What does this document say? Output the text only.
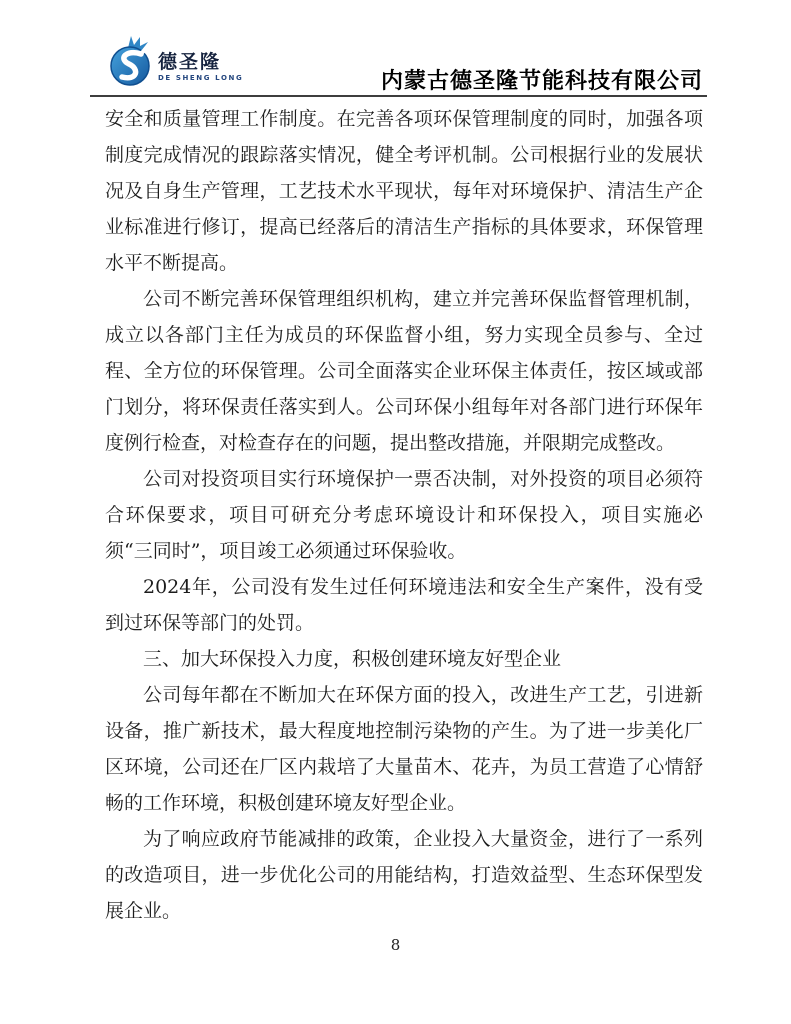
德圣隆
DE SHENG LONG	内蒙古德圣隆节能科技有限公司

安全和质量管理工作制度。在完善各项环保管理制度的同时，加强各项制度完成情况的跟踪落实情况，健全考评机制。公司根据行业的发展状况及自身生产管理，工艺技术水平现状，每年对环境保护、清洁生产企业标准进行修订，提高已经落后的清洁生产指标的具体要求，环保管理水平不断提高。

公司不断完善环保管理组织机构，建立并完善环保监督管理机制，成立以各部门主任为成员的环保监督小组，努力实现全员参与、全过程、全方位的环保管理。公司全面落实企业环保主体责任，按区域或部门划分，将环保责任落实到人。公司环保小组每年对各部门进行环保年度例行检查，对检查存在的问题，提出整改措施，并限期完成整改。

公司对投资项目实行环境保护一票否决制，对外投资的项目必须符合环保要求，项目可研充分考虑环境设计和环保投入，项目实施必须“三同时”，项目竣工必须通过环保验收。

2024年，公司没有发生过任何环境违法和安全生产案件，没有受到过环保等部门的处罚。

三、加大环保投入力度，积极创建环境友好型企业

公司每年都在不断加大在环保方面的投入，改进生产工艺，引进新设备，推广新技术，最大程度地控制污染物的产生。为了进一步美化厂区环境，公司还在厂区内栽培了大量苗木、花卉，为员工营造了心情舒畅的工作环境，积极创建环境友好型企业。

为了响应政府节能减排的政策，企业投入大量资金，进行了一系列的改造项目，进一步优化公司的用能结构，打造效益型、生态环保型发展企业。

8
